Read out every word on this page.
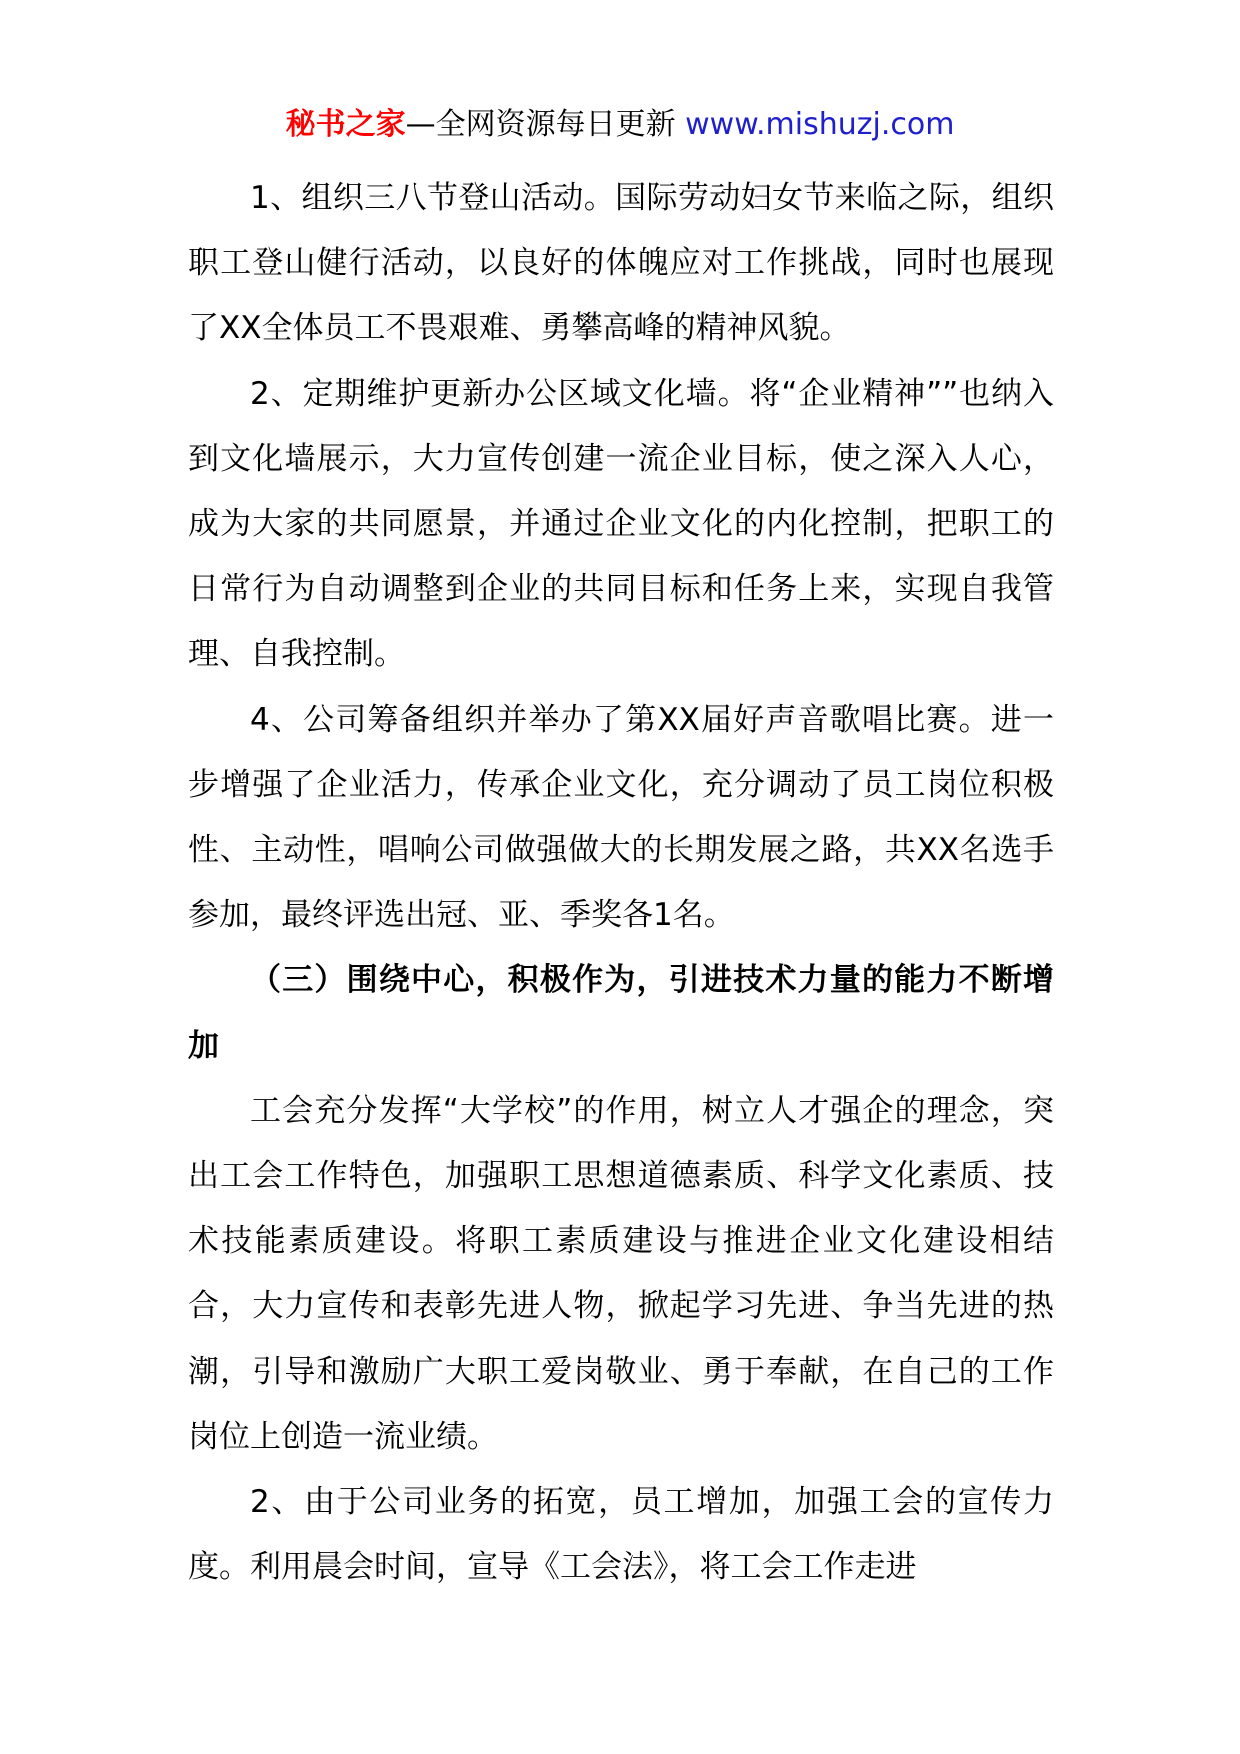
秘书之家—全网资源每日更新 www.mishuzj.com

1、组织三八节登山活动。国际劳动妇女节来临之际，组织职工登山健行活动，以良好的体魄应对工作挑战，同时也展现了XX全体员工不畏艰难、勇攀高峰的精神风貌。

2、定期维护更新办公区域文化墙。将“企业精神””也纳入到文化墙展示，大力宣传创建一流企业目标，使之深入人心，成为大家的共同愿景，并通过企业文化的内化控制，把职工的日常行为自动调整到企业的共同目标和任务上来，实现自我管理、自我控制。

4、公司筹备组织并举办了第XX届好声音歌唱比赛。进一步增强了企业活力，传承企业文化，充分调动了员工岗位积极性、主动性，唱响公司做强做大的长期发展之路，共XX名选手参加，最终评选出冠、亚、季奖各1名。

（三）围绕中心，积极作为，引进技术力量的能力不断增加

工会充分发挥“大学校”的作用，树立人才强企的理念，突出工会工作特色，加强职工思想道德素质、科学文化素质、技术技能素质建设。将职工素质建设与推进企业文化建设相结合，大力宣传和表彰先进人物，掀起学习先进、争当先进的热潮，引导和激励广大职工爱岗敬业、勇于奉献，在自己的工作岗位上创造一流业绩。

2、由于公司业务的拓宽，员工增加，加强工会的宣传力度。利用晨会时间，宣导《工会法》，将工会工作走进
